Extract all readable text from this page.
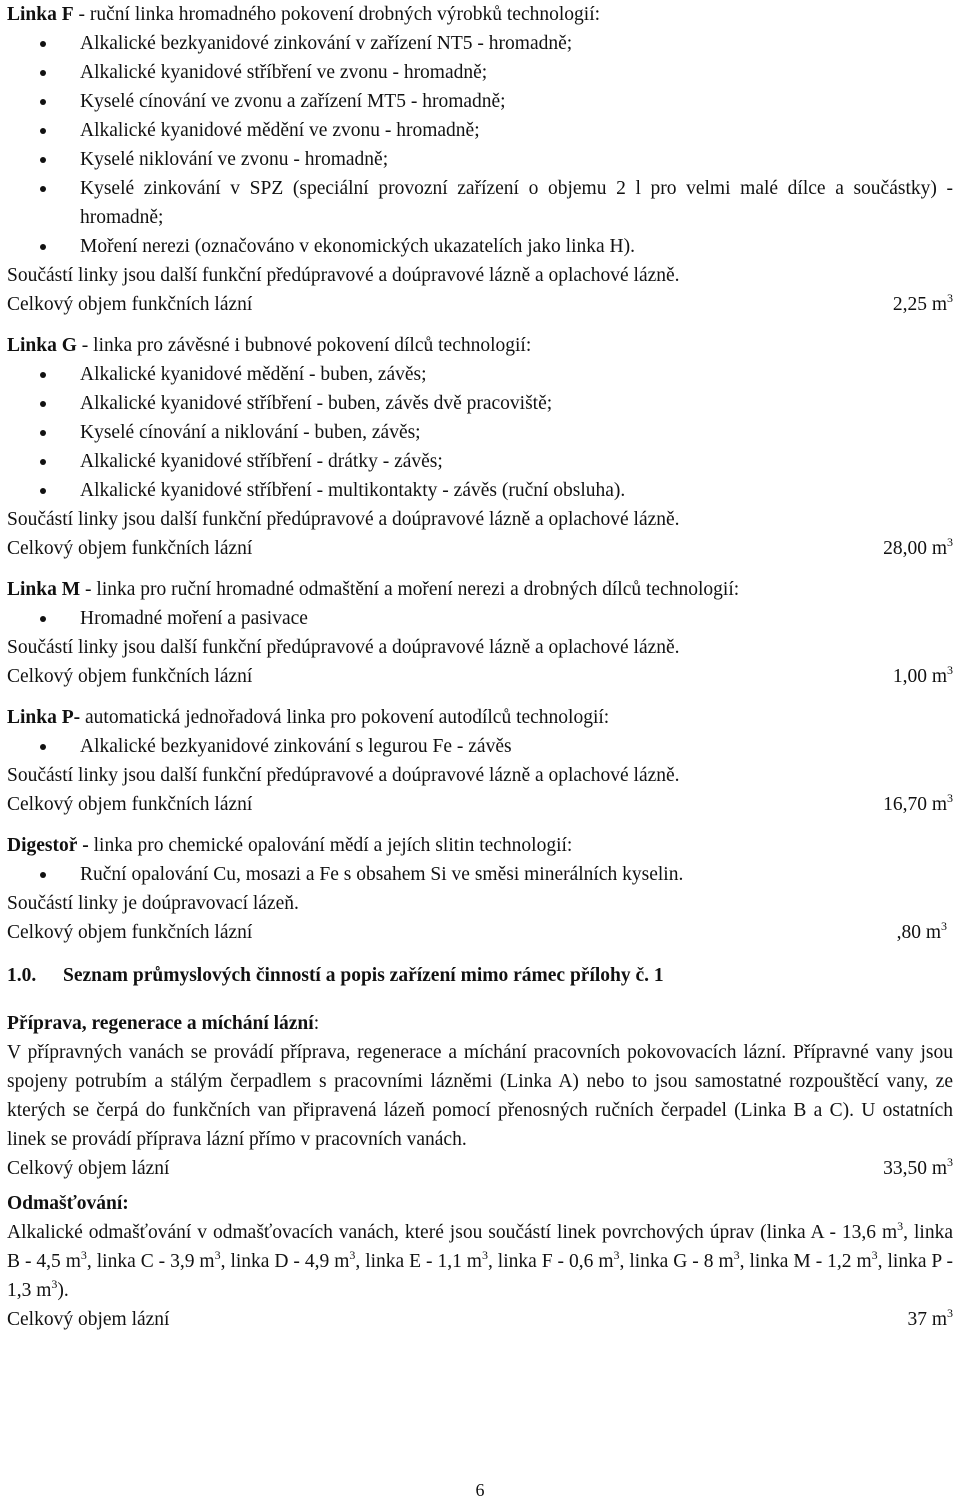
Linka F - ruční linka hromadného pokovení drobných výrobků technologií:
Alkalické bezkyanidové zinkování v zařízení NT5 - hromadně;
Alkalické kyanidové stříbření ve zvonu - hromadně;
Kyselé cínování ve zvonu a zařízení MT5 - hromadně;
Alkalické kyanidové mědění ve zvonu - hromadně;
Kyselé niklování ve zvonu - hromadně;
Kyselé zinkování v SPZ (speciální provozní zařízení o objemu 2 l pro velmi malé dílce a součástky) - hromadně;
Moření nerezi (označováno v ekonomických ukazatelích jako linka H).
Součástí linky jsou další funkční předúpravové a doúpravové lázně a oplachové lázně.
Celkový objem funkčních lázní	2,25 $m^3$
Linka G - linka pro závěsné i bubnové pokovení dílců technologií:
Alkalické kyanidové mědění - buben, závěs;
Alkalické kyanidové stříbření - buben, závěs dvě pracoviště;
Kyselé cínování a niklování - buben, závěs;
Alkalické kyanidové stříbření - drátky - závěs;
Alkalické kyanidové stříbření - multikontakty - závěs (ruční obsluha).
Součástí linky jsou další funkční předúpravové a doúpravové lázně a oplachové lázně.
Celkový objem funkčních lázní	28,00 $m^3$
Linka M - linka pro ruční hromadné odmaštění a moření nerezi a drobných dílců technologií:
Hromadné moření a pasivace
Součástí linky jsou další funkční předúpravové a doúpravové lázně a oplachové lázně.
Celkový objem funkčních lázní	1,00 $m^3$
Linka P- automatická jednořadová linka pro pokovení autodílců technologií:
Alkalické bezkyanidové zinkování s legurou Fe - závěs
Součástí linky jsou další funkční předúpravové a doúpravové lázně a oplachové lázně.
Celkový objem funkčních lázní	16,70 $m^3$
Digestoř - linka pro chemické opalování mědí a jejích slitin technologií:
Ruční opalování Cu, mosazi a Fe s obsahem Si ve směsi minerálních kyselin.
Součástí linky je doúpravovací lázeň.
Celkový objem funkčních lázní	,80 $m^3$
1.0. Seznam průmyslových činností a popis zařízení mimo rámec přílohy č. 1
Příprava, regenerace a míchání lázní:
V přípravných vanách se provádí příprava, regenerace a míchání pracovních pokovovacích lázní. Přípravné vany jsou spojeny potrubím a stálým čerpadlem s pracovními lázněmi (Linka A) nebo to jsou samostatné rozpouštěcí vany, ze kterých se čerpá do funkčních van připravená lázeň pomocí přenosných ručních čerpadel (Linka B a C). U ostatních linek se provádí příprava lázní přímo v pracovních vanách.
Celkový objem lázní	33,50 $m^3$
Odmašťování:
Alkalické odmašťování v odmašťovacích vanách, které jsou součástí linek povrchových úprav (linka A - 13,6 $m^3$, linka B - 4,5 $m^3$, linka C - 3,9 $m^3$, linka D - 4,9 $m^3$, linka E - 1,1 $m^3$, linka F - 0,6 $m^3$, linka G - 8 $m^3$, linka M - 1,2 $m^3$, linka P - 1,3 $m^3$).
Celkový objem lázní	37 $m^3$
6
